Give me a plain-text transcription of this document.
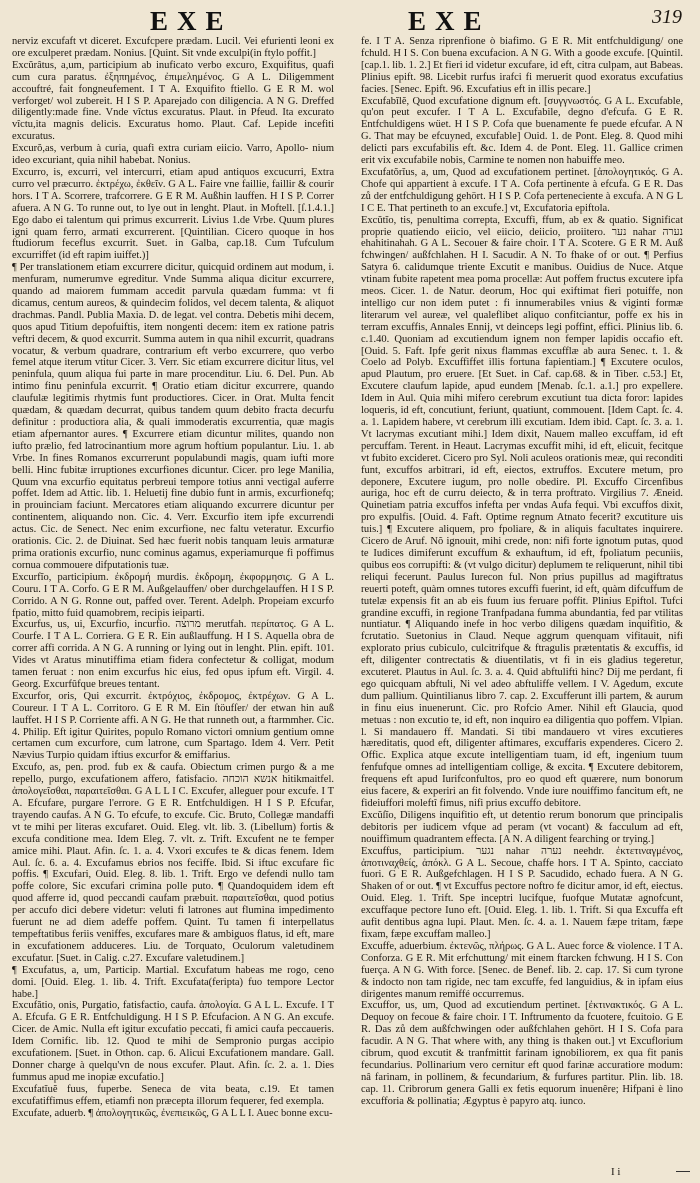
EXE	EXE	319

nerviz excufaft vt diceret. Excufcpere prædam. Lucil. Vei efurienti leoni ex ore exculperet prædam. Nonius. [Quint. Sit vnde exculpi(in ftylo poffit.]

Excŭrâtus, a,um, participium ab inuficato verbo excuro, Exquifitus, quafi cum cura paratus. ἐξηπημένος, ἐπιμελημένος. G A L. Diligemment accouftré, fait fongneufement. I T A. Exquifito ftiello. G E R M. wol verforget/ wol zubereit. H I S P. Aparejado con diligencia. A N G. Dreffed diligently:made fine. Vnde vîctus excuratus. Plaut. in Pfeud. Ita excurato vîctu,ita magnis delicis. Excuratus homo. Plaut. Caf. Lepide incefiti excuratus.

Excurŏ,as, verbum à curia, quafi extra curiam eiicio. Varro, Apollo- nium ideo excuriant, quia nihil habebat. Nonius.

Excurro, is, excurri, vel intercurri, etiam apud antiquos excucurri, Extra curro vel præcurro. ἐκτρέχω, ἐκθεῖν. G A L. Faire vne faillie, faillir & courir hors. I T A. Scorrere, trafcorrere. G E R M. Außhin lauffen. H I S P. Correr afuera. A N G. To runne out, to lye out in lenght. Plaut. in Moftell. [ſ.1.4.1.] Ego dabo ei talentum qui primus excurrerit. Livius 1.de Vrbe. Quum plures igni quam ferro, armati excurrerent. [Quintilian. Cicero quoque in hos ftudiorum feceflus excurrit. Suet. in Galba, cap.18. Cum Tufculum excurriffet (id eft rapim iuiffet.)]

¶ Per translationem etiam excurrere dicitur, quicquid ordinem aut modum, i. menfuram, numerumve egreditur. Vnde Summa aliqua dicitur excurrere, quando ad maiorem fummam accedit parvula quædam fumma: vt fi dicamus, centum aureos, & quindecim folidos, vel decem talenta, & aliquot drachmas. Pandl. Publia Maxia. D. de legat. vel contra. Debetis mihi decem, quos apud Titium depofuiftis, item nongenti decem: item ex ratione patris veftri decem, & quod excurrit. Summa autem in qua nihil excurrit, quadrans vocatur, & verbum quadrare, contrarium eft verbo excurrere, quo verbo femel atque iterum vtitur Cicer. 3. Verr. Sic etiam excurrere dicitur litus, vel peninfula, quum aliqua fui parte in mare procenditur. Liu. 6. Del. Pun. Ab intimo finu peninfula excurrit. ¶ Oratio etiam dicitur excurrere, quando claufulæ legitimis rhytmis funt productiores. Cicer. in Orat. Multa fencit quædam, & quædam decurrat, quibus tandem quum debito fracta decurfu definitur : productiora alia, & quali immoderatis excurrentia, quæ magis etiam afpernantor aures. ¶ Excurrere etiam dicuntur milites, quando non iufto prælio, fed latrocinantium more agrum hoftium populantur. Liu. 1. ab Vrbe. In fines Romanos excurrerunt populabundi magis, quam iufti more belli. Hinc fubitæ irruptiones excurfiones dicuntur. Cicer. pro lege Manilia, Quum vna excurfio equitatus perbreui tempore totius anni vectigal auferre poffet. Idem ad Attic. lib. 1. Heluetij fine dubio funt in armis, excurfionefq; in prouinciam faciunt. Mercatores etiam aliquando excurrere dicuntur per continentem, aliquando non. Cic. 4. Verr. Excurfio item ipfe excurrendi actus. Cic. de Senect. Nec enim excurfione, nec faltu veteratur. Excurfio orationis. Cic. 2. de Diuinat. Sed hæc fuerit nobis tanquam leuis armaturæ prima orationis excurfio, nunc cominus agamus, experiamurque fi poffimus cornua commouere difputationis tuæ.

Excurfĭo, participium. ἐκδρομή murdis. ἐκδρομη, ἐκφορμησις. G A L. Couru. I T A. Corfo. G E R M. Außgelauffen/ ober durchgelauffen. H I S P. Corrido. A N G. Ronne out, paffed over. Terent. Adelph. Propeiam excurfo fpatio, mitto fuid quamobrem, recipis ieiparti.

Excurfus, us, ui, Excurfio, incurfio. מרוצה merutfah. περίπατος. G A L. Courfe. I T A L. Corriera. G E R. Ein außlauffung. H I S. Aquella obra de correr affi corrida. A N G. A running or lying out in lenght. Plin. epift. 101. Vides vt Aratus minutiffima etiam fidera confectetur & colligat, modum tamen feruat : non enim excurfus hic eius, fed opus ipfum eft. Virgil. 4. Georg. Excurfûfque breues tentant.

Excurfor, oris, Qui excurrit. ἐκτρόχιος, ἐκδρομος, ἐκτρέχων. G A L. Coureur. I T A L. Corritoro. G E R M. Ein ſtöufſer/ der etwan hin auß lauffet. H I S P. Corriente affi. A N G. He that runneth out, a ftarmmher. Cic. 4. Philip. Eft igitur Quirites, populo Romano victori omnium gentium omne certamen cum excurfore, cum latrone, cum Spartago. Idem 4. Verr. Petit Nævius Turpio quidam iftius excurfor & emiffarius.

Excufo, as, pen. prod. fub ex & caufa. Obiectum crimen purgo & a me repello, purgo, excufationem affero, fatisfacio. אנשא הוכחה hitikmaitfel. ἀπολογεῖσθαι, παραιτεῖσθαι. G A L L I C. Excufer, alleguer pour excufe. I T A. Efcufare, purgare l'errore. G E R. Entfchuldigen. H I S P. Efcufar, trayendo caufas. A N G. To efcufe, to excufe. Cic. Bruto, Collegæ mandaffi vt te mihi per literas excufaret. Ouid. Eleg. vlt. lib. 3. (Libellum) fortis & excufa conditione mea. Idem Eleg. 7. vlt. z. Trift. Excufent ne te femper amice mihi. Plaut. Afin. ſc. 1. a. 4. Vxori excufes te & dicas fenem. Idem Aul. ſc. 6. a. 4. Excufamus ebrios nos feciffe. Ibid. Si iftuc excufare fic poffis. ¶ Excufari, Ouid. Eleg. 8. lib. 1. Trift. Ergo ve defendi nullo tam poffe colore, Sic excufari crimina polle puto. ¶ Quandoquidem idem eft quod afferre id, quod peccandi caufam præbuit. παραιτεῖσθαι, quod potius per accufo dici debere videtur: veluti fi latrones aut flumina impedimento fuerunt ne ad diem adeffe poffem. Quint. Tu tamen fi interpellatus tempeftatibus feriis veniffes, excufares mare & ambiguos flatus, id eft, mare in excufationem adduceres. Liu. de Torquato, Oculorum valetudinem excufatur. [Suet. in Calig. c.27. Excufare valetudinem.]

¶ Excufatus, a, um, Particip. Martial. Excufatum habeas me rogo, ceno domi. [Ouid. Eleg. 1. lib. 4. Trift. Excufata(feripta) fuo tempore Lector habe.]

Excufătio, onis, Purgatio, fatisfactio, caufa. ἀπολογία. G A L L. Excufe. I T A. Efcufa. G E R. Entfchuldigung. H I S P. Efcufacion. A N G. An excufe. Cicer. de Amic. Nulla eft igitur excufatio peccati, fi amici caufa peccaueris. Idem Cornific. lib. 12. Quod te mihi de Sempronio purgas accipio excufationem. [Suet. in Othon. cap. 6. Alicui Excufationem mandare. Gall. Donner charge à quelqu'vn de nous excufer. Plaut. Afin. ſc. 2. a. 1. Dies fummus apud me inopiæ excufatio.]

Excufatĭuĕ fuus, fuperbe. Seneca de vita beata, c.19. Et tamen excufatiffimus effem, etiamfi non præcepta illorum fequerer, fed exempla.

Excufate, aduerb. ¶ ἀπολογητικῶς, ἐνεπιεικῶς, G A L L I. Auec bonne excu-

fe. I T A. Senza riprenfione ò biafimo. G E R. Mit entfchuldigung/ one fchuld. H I S. Con buena excufacion. A N G. With a goode excufe. [Quintil. [cap.1. lib. 1. 2.] Et fieri id videtur excufare, id eft, citra culpam, aut Babeas. Plinius epift. 98. Licebit rurfus irafci fi meruerit quod exoratus excufatius facies. [Senec. Epift. 96. Excufatius eft in illis pecare.]

Excufabĭlĕ, Quod excufatione dignum eft. [συγγνωστός. G A L. Excufable, qu'on peut excufer. I T A L. Excufabile, degno d'efcufa. G E R. Entfchuldigens wüet. H I S P. Cofa que buenamente fe puede efcufar. A N G. That may be efcuyned, excufable] Ouid. 1. de Pont. Eleg. 8. Quod mihi delicti pars excufabilis eft. &c. Idem 4. de Pont. Eleg. 11. Gallice crimen erit vix excufabile nobis, Carmine te nomen non habuiffe meo.

Excufatŏrĭus, a, um, Quod ad excufationem pertinet. [ἀπολογητικός. G A. Chofe qui appartient à excufe. I T A. Cofa pertinente à efcufa. G E R. Das zů der entfchuldigung gehört. H I S P. Cofa perteneciente à excufa. A N G L I C E. That pertineth to an excufe.] vt, Excufatoria epiftola.

Excŭtĭo, tis, penultima correpta, Excuffi, ffum, ab ex & quatio. Significat proprie quatiendo eiicio, vel eiicio, deiicio, proiitero. נער nahar נערה ehahitinahah. G A L. Secouer & faire choir. I T A. Scotere. G E R M. Auß fchwingen/ außfchlahen. H I. Sacudir. A N. To fhake of or out. ¶ Perfius Satyra 6. calidumque triente Excutit e manibus. Ouidius de Nuce. Atque vtinam fubite rapetent mea poma procellæ: Aut poffem fructus excutere ipfa meos. Cicer. 1. de Natur. deorum, Hoc qui exiftimat fieri potuiffe, non intelligo cur non idem putet : fi innumerabiles vnius & viginti formæ literarum vel aureæ, vel qualeflibet aliquo confitciantur, poffe ex his in terram excuffis, Annales Ennij, vt deinceps legi poffint, effici. Plinius lib. 6. c.1.40. Quoniam ad excutiendum ignem non femper lapidis occafio eft. [Ouid. 5. Faft. Ipfe gerit nixus flammas excufflæ ab aura Senec. t. 1. & Coelo ad Polyb. Excuffiffet illis fortuna fapientiam.] ¶ Excutere oculos, apud Plautum, pro eruere. [Et Suet. in Caf. cap.68. & in Tiber. c.53.] Et, Excutere claufum lapide, apud eundem [Menab. ſc.1. a.1.] pro expellere. Idem in Aul. Quia mihi mifero cerebrum excutiunt tua dicta foror: lapides loqueris, id eft, concutiunt, feriunt, quatiunt, commouent. [Idem Capt. ſc. 4. a. 1. Lapidem habere, vt cerebrum illi excutiam. Idem ibid. Capt. ſc. 3. a. 1. Vt lacrymas excutiant mihi.] Idem dixit, Nauem malleo excuffam, id eft percuffam. Terent. in Heaut. Lacrymas excuffit mihi, id eft, elicuit, fecitque vt fubito excideret. Cicero pro Syl. Noli aculeos orationis meæ, qui reconditi funt, excuffos arbitrari, id eft, eiectos, extruffos. Excutere metum, pro deponere, Excutere iugum, pro nolle obedire. Pl. Excuffo Circenfibus auriga, hoc eft de curru deiecto, & in terra proftrato. Virgilius 7. Æneid. Quinetiam patria excuffos infefta per vndas Aufa fequi. Vbi excuffos dixit, pro expulfis. [Ouid. 4. Faft. Optime regnum Atnato fecerit? excutiture uis tuis.] ¶ Excutere aliquem, pro fpoliare, & in aliquis facultates inquirere. Cicero de Aruf. Nõ ignouit, mihi crede, non: nifi forte ignotum putas, quod te Iudices dimiferunt excuffum & exhauftum, id eft, fpoliatum pecuniis, quibus eos corrupifti: & (vt vulgo dicitur) deplumem te reliquerunt, nihil tibi reliqui fecerunt. Paulus Iurecon ful. Non prius pupillus ad magiftratus reuerti poteft, quàm omnes tutores excuffi fuerint, id eft, quàm difcuffum de tutelæ expensis fit an ab eis fuum ius feruare poffit. Plinius Epiftol. Tufci grandine excuffi, in regione Tranfpadana fumma abundantia, fed par vtilitas nuntiatur. ¶ Aliquando inefe in hoc verbo diligens quædam inquifitio, & fcrutatio. Suetonius in Claud. Neque aggrum quenquam vifitauit, nifi explorato prius cubiculo, culcitrifque & ftragulis prætentatis & excuffis, id eft, diligenter contrectatis & diuentilatis, vt fi in eis gladius tegeretur, excuteret. Plautus in Aul. ſc. 3. a. 4. Quid abftuliftì hinc? Dij me perdant, fi ego quicquam abftuli, Ni vel adeo abftuliffe vellem. I V. Agedum, excute dum pallium. Quintilianus libro 7. cap. 2. Excufferunt illi partem, & aurum in finu eius inuenerunt. Cic. pro Rofcio Amer. Nihil eft Glaucia, quod metuas : non excutio te, id eft, non inquiro ea diligentia quo poffem. Vlpian. l. Si mandauero ff. Mandati. Si tibi mandauero vt vires excutieres hæreditatis, quod eft, diligenter aftimares, excuffaris expenderes. Cicero 2. Offic. Explica atque excute intelligentiam tuam, id eft, ingenium tuum fenfufque omnes ad intelligentiam collige, & excita. ¶ Excutere debitorem, frequens eft apud Iurifconfultos, pro eo quod eft quærere, num bonorum eius facere, & experiri an fit folvendo. Vnde iure nouiffimo fancitum eft, ne fideiuffori moleftî fimus, nifi prius excuffo debitore.

Excŭſĭo, Diligens inquifitio eft, ut detentio rerum bonorum que principalis debitoris per iudicem vfque ad peram (vt vocant) & facculum ad eft, nouiffimum quadrantem effecta. [A N. A diligent fearching or trying.]

Excuffus, participium. נגער nahar נערה neehdr. ἐκτετιναγμένος, ἀποτιναχθείς, ἀπόκλ. G A L. Secoue, chaffe hors. I T A. Spinto, cacciato fuori. G E R. Außgefchlagen. H I S P. Sacudido, echado fuera. A N G. Shaken of or out. ¶ vt Excuffus pectore noftro fe dicitur amor, id eft, eiectus. Ouid. Eleg. 1. Trift. Spe inceptri lucifque, fuofque Mutatæ agnofcunt, excuffaque pectore Iuno eft. [Ouid. Eleg. 1. lib. 1. Trift. Si qua Excuffa eft aufit dentibus agna lupi. Plaut. Men. ſc. 4. a. 1. Nauem fæpe tritam, fæpe fixam, fæpe excuffam malleo.]

Excuffe, aduerbium. ἐκτενῶς, πλήρως. G A L. Auec force & violence. I T A. Conforza. G E R. Mit erfchuttung/ mit einem ftarcken fchwung. H I S. Con fuerça. A N G. With force. [Senec. de Benef. lib. 2. cap. 17. Si cum tyrone & indocto non tam rigide, nec tam excuffe, fed languidius, & in ipfam eius dirigentes manum remiffé occurremus.

Excuffor, us, um, Quod ad excutiendum pertinet. [ἐκτινακτικός. G A L. Dequoy on fecoue & faire choir. I T. Inftrumento da fcuotere, fcuitoio. G E R. Das zů dem außfchwingen oder außfchlahen gehört. H I S. Cofa para facudir. A N G. That where with, any thing is thaken out.] vt Excuflorium cibrum, quod excutit & tranfmittit farinam ignobiliorem, ex qua fit panis fecundarius. Pollinarium vero cernitur eft quod farinæ accuratiore modum: nâ farinam, in pollinem, & fecundarium, & furfures partitur. Plin. lib. 18. cap. 11. Cribrorum genera Galli ex fetis equorum inuenêre; Hifpani è lino excufforia & pollinatia; Ægyptus è papyro atq. iunco.

I i
